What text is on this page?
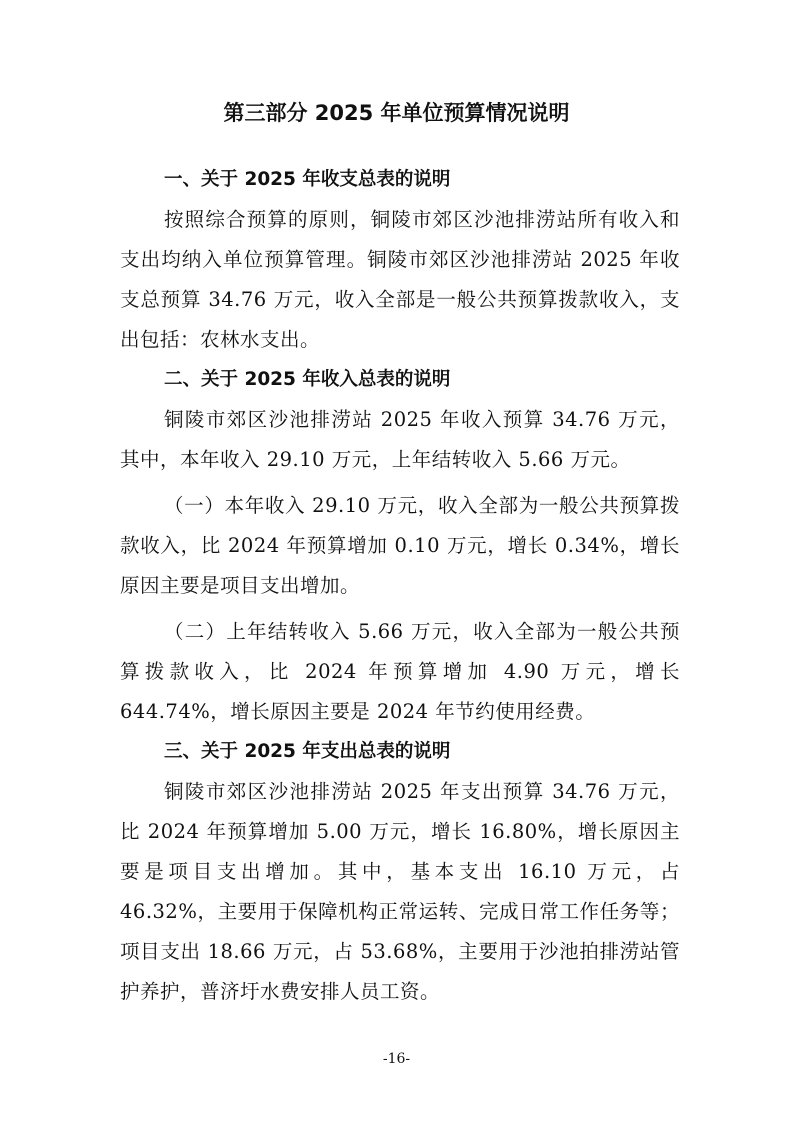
第三部分 2025 年单位预算情况说明
一、关于 2025 年收支总表的说明

按照综合预算的原则，铜陵市郊区沙池排涝站所有收入和支出均纳入单位预算管理。铜陵市郊区沙池排涝站 2025 年收支总预算 34.76 万元，收入全部是一般公共预算拨款收入，支出包括：农林水支出。

二、关于 2025 年收入总表的说明

铜陵市郊区沙池排涝站 2025 年收入预算 34.76 万元，其中，本年收入 29.10 万元，上年结转收入 5.66 万元。

（一）本年收入 29.10 万元，收入全部为一般公共预算拨款收入，比 2024 年预算增加 0.10 万元，增长 0.34%，增长原因主要是项目支出增加。

（二）上年结转收入 5.66 万元，收入全部为一般公共预算拨款收入，比 2024 年预算增加 4.90 万元，增长 644.74%，增长原因主要是 2024 年节约使用经费。

三、关于 2025 年支出总表的说明

铜陵市郊区沙池排涝站 2025 年支出预算 34.76 万元，比 2024 年预算增加 5.00 万元，增长 16.80%，增长原因主要是项目支出增加。其中，基本支出 16.10 万元，占 46.32%，主要用于保障机构正常运转、完成日常工作任务等；项目支出 18.66 万元，占 53.68%，主要用于沙池拍排涝站管护养护，普济圩水费安排人员工资。

-16-
